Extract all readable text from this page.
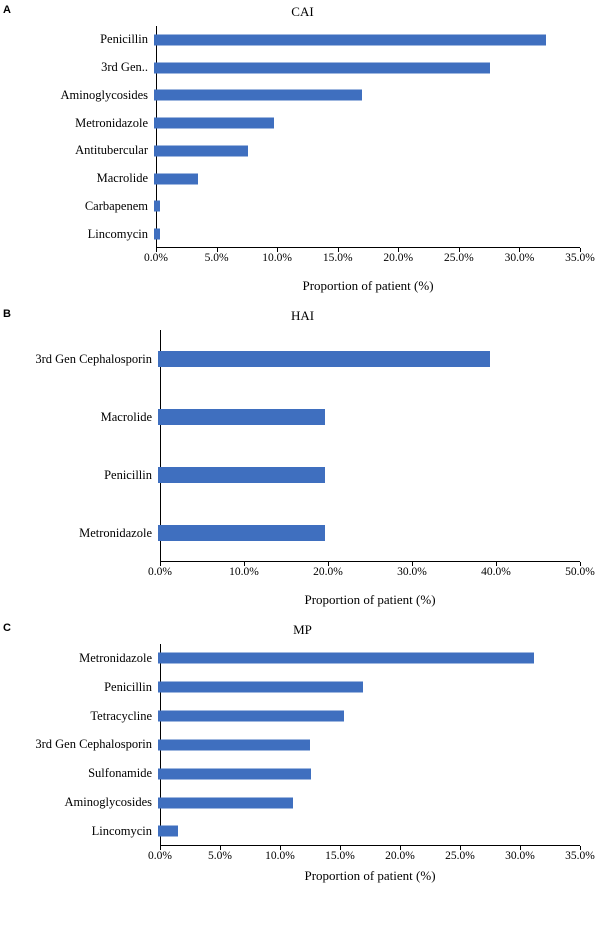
A	CAI
Penicillin
3rd Gen..
Aminoglycosides
Metronidazole
Antitubercular
Macrolide
Carbapenem
Lincomycin
0.0%	5.0%	10.0%	15.0%	20.0%	25.0%	30.0%	35.0%
Proportion of patient (%)
B	HAI
3rd Gen Cephalosporin
Macrolide
Penicillin
Metronidazole
0.0%	10.0%	20.0%	30.0%	40.0%	50.0%
Proportion of patient (%)
C	MP
Metronidazole
Penicillin
Tetracycline
3rd Gen Cephalosporin
Sulfonamide
Aminoglycosides
Lincomycin
0.0%	5.0%	10.0%	15.0%	20.0%	25.0%	30.0%	35.0%
Proportion of patient (%)
